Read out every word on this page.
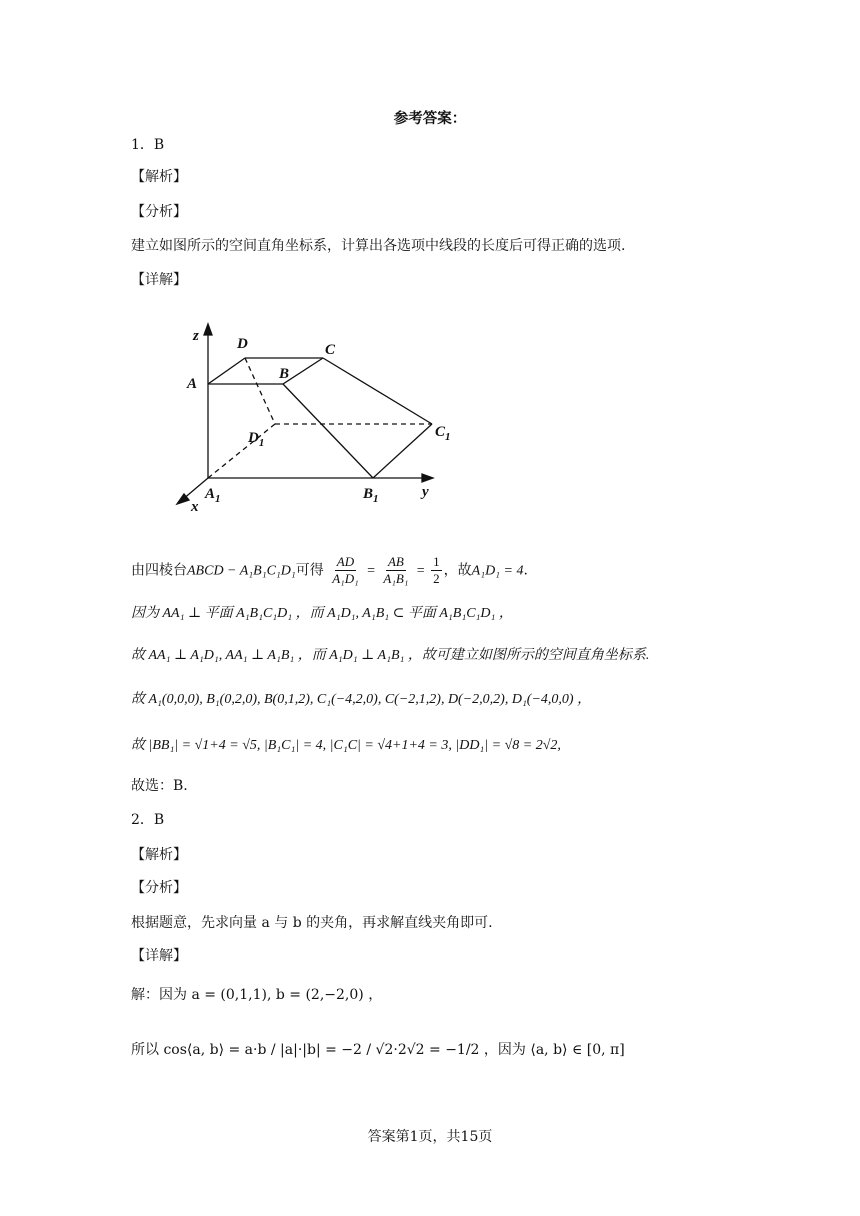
参考答案：
1．B
【解析】
【分析】
建立如图所示的空间直角坐标系，计算出各选项中线段的长度后可得正确的选项.
【详解】
z
A
D	C
B
$D_1$
$C_1$
$A_1$	$B_1$	y
x
由四棱台ABCD − A₁B₁C₁D₁可得 $\frac{AD}{\text{A₁D₁}} = \frac{AB}{\text{A₁B₁}} = \frac{1}{2}$ ，故A₁D₁ = 4.
因为 AA₁ ⊥ 平面 A₁B₁C₁D₁ ，而 A₁D₁, A₁B₁ ⊂ 平面 A₁B₁C₁D₁ ，
故 AA₁ ⊥ A₁D₁, AA₁ ⊥ A₁B₁ ，而 A₁D₁ ⊥ A₁B₁ ，故可建立如图所示的空间直角坐标系.
故 A₁(0,0,0), B₁(0,2,0), B(0,1,2), C₁(−4,2,0), C(−2,1,2), D(−2,0,2), D₁(−4,0,0) ，
故 |BB₁| = √1+4 = √5, |B₁C₁| = 4, |C₁C| = √4+1+4 = 3, |DD₁| = √8 = 2√2,
故选：B.
2．B
【解析】
【分析】
根据题意，先求向量 a 与 b 的夹角，再求解直线夹角即可.
【详解】
解：因为 a = (0,1,1), b = (2,−2,0) ，
所以 cos⟨a, b⟩ = a·b / |a|·|b| = −2 / √2·2√2 = −1/2 ，因为 ⟨a, b⟩ ∈ [0, π]
答案第1页，共15页
